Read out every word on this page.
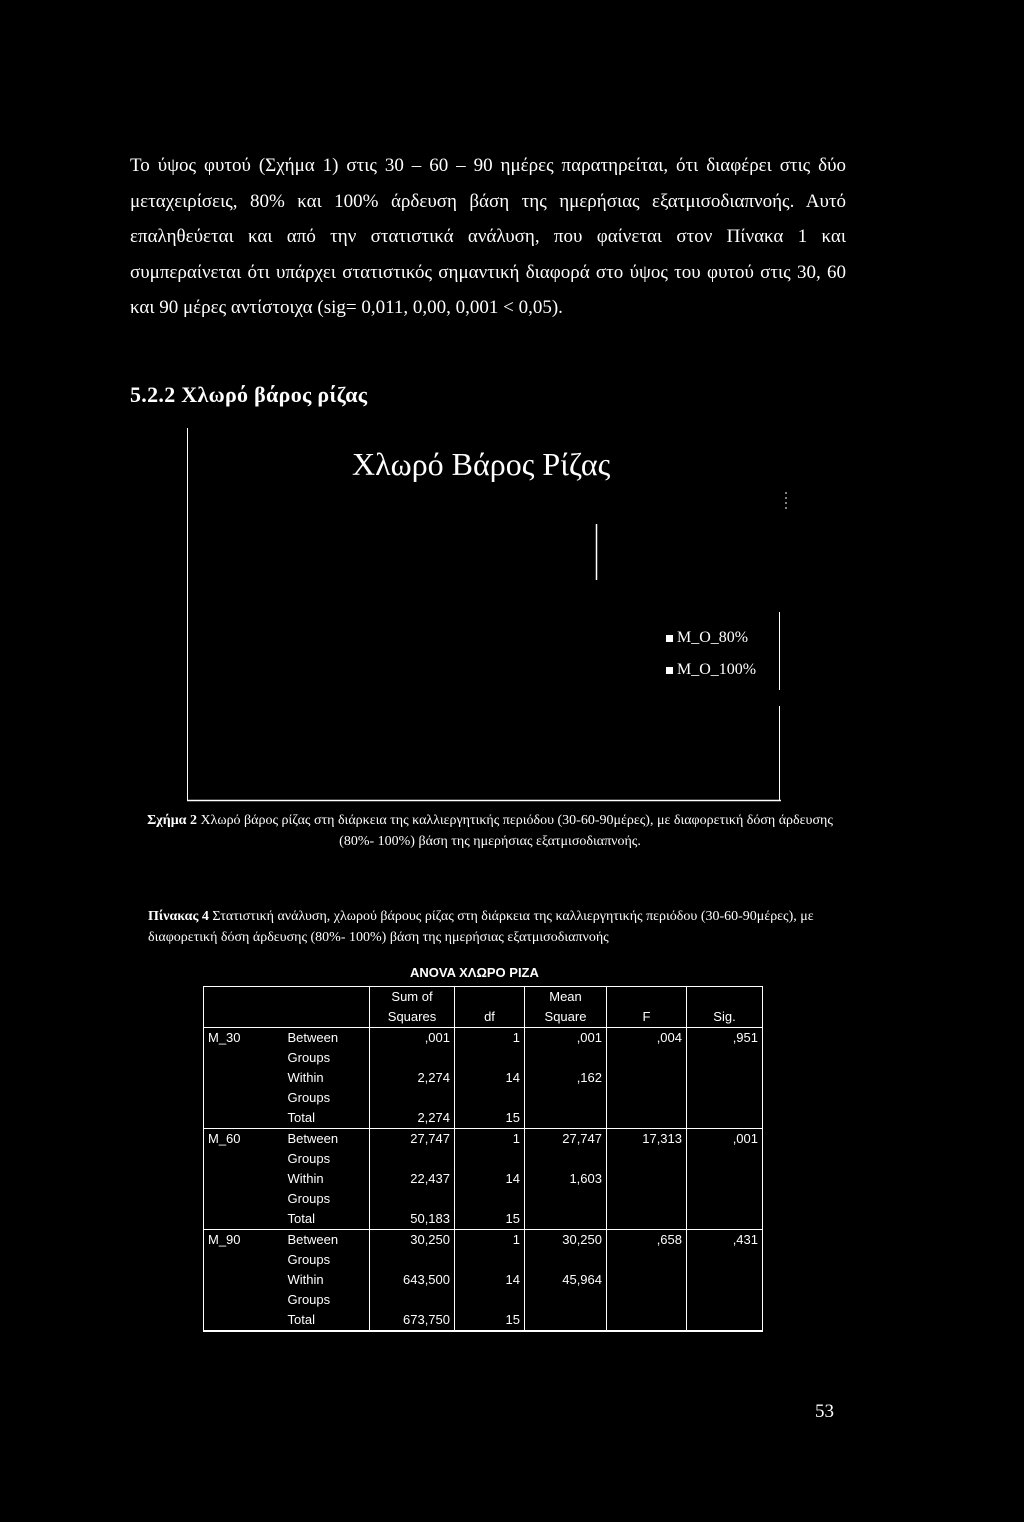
Το ύψος φυτού (Σχήμα 1) στις 30 – 60 – 90 ημέρες παρατηρείται, ότι διαφέρει στις δύο μεταχειρίσεις, 80% και 100% άρδευση βάση της ημερήσιας εξατμισοδιαπνοής. Αυτό επαληθεύεται και από την στατιστικά ανάλυση, που φαίνεται στον Πίνακα 1 και συμπεραίνεται ότι υπάρχει στατιστικός σημαντική διαφορά στο ύψος του φυτού στις 30, 60 και 90 μέρες αντίστοιχα (sig= 0,011, 0,00, 0,001 < 0,05).
5.2.2 Χλωρό βάρος ρίζας
Χλωρό Βάρος Ρίζας
M_O_80%
M_O_100%
Σχήμα 2 Χλωρό βάρος ρίζας στη διάρκεια της καλλιεργητικής περιόδου (30-60-90μέρες), με διαφορετική δόση άρδευσης (80%- 100%) βάση της ημερήσιας εξατμισοδιαπνοής.
Πίνακας 4 Στατιστική ανάλυση, χλωρού βάρους ρίζας στη διάρκεια της καλλιεργητικής περιόδου (30-60-90μέρες), με διαφορετική δόση άρδευσης (80%- 100%) βάση της ημερήσιας εξατμισοδιαπνοής
ANOVA ΧΛΩΡΟ ΡΙΖΑ
		Sum of	df	Mean	F	Sig.
		Squares		Square		
M_30	Between	,001	1	,001	,004	,951
	Groups					
	Within	2,274	14	,162		
	Groups					
	Total	2,274	15			
M_60	Between	27,747	1	27,747	17,313	,001
	Groups					
	Within	22,437	14	1,603		
	Groups					
	Total	50,183	15			
M_90	Between	30,250	1	30,250	,658	,431
	Groups					
	Within	643,500	14	45,964		
	Groups					
	Total	673,750	15			
53
